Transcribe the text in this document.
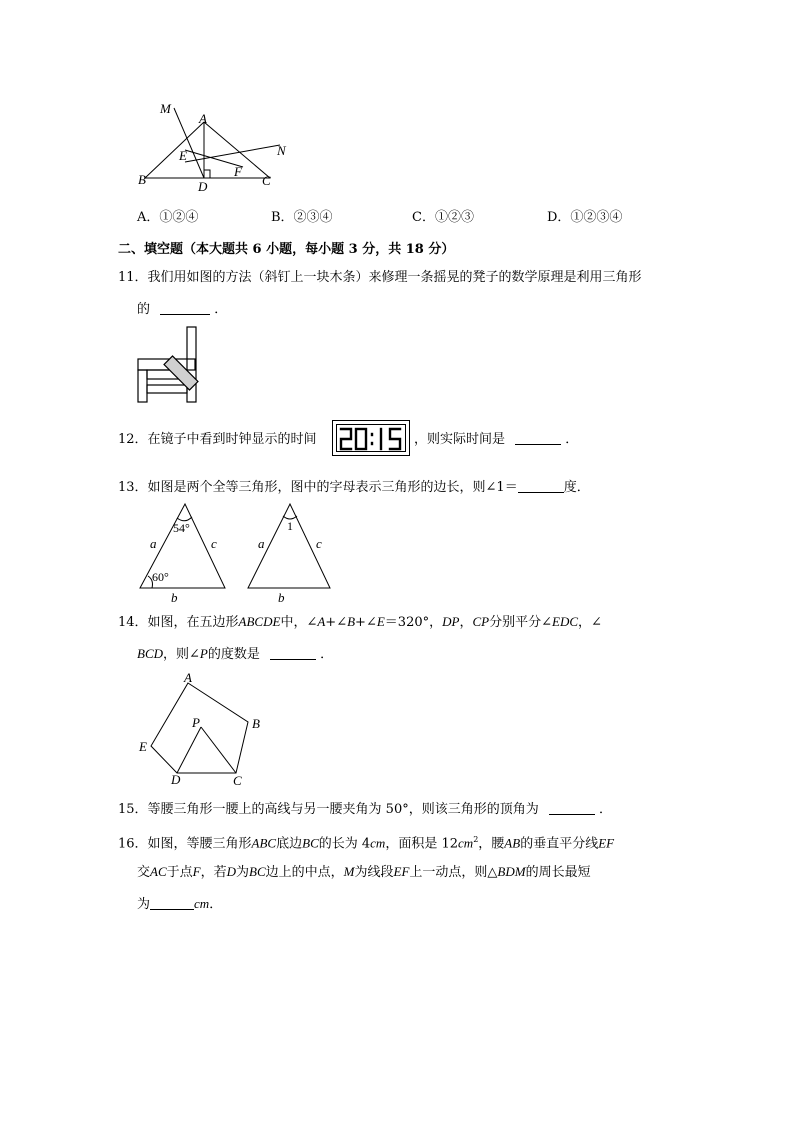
M
A
N
E
F
B	D	C
A．①②④	B．②③④	C．①②③	D．①②③④
二、填空题（本大题共 6 小题，每小题 3 分，共 18 分）
11．我们用如图的方法（斜钉上一块木条）来修理一条摇晃的凳子的数学原理是利用三角形
的	．
12．在镜子中看到时钟显示的时间	，则实际时间是	．
13．如图是两个全等三角形，图中的字母表示三角形的边长，则∠1＝	度．
54°
60°
a	c
b
1
a	c
b
14．如图，在五边形ABCDE中，∠A+∠B+∠E＝320°，DP，CP分别平分∠EDC，∠
BCD，则∠P的度数是	．
A
B
P
E
D	C
15．等腰三角形一腰上的高线与另一腰夹角为 50°，则该三角形的顶角为	．
16．如图，等腰三角形ABC底边BC的长为 4cm，面积是 $12cm^2$，腰AB的垂直平分线EF
交AC于点F，若D为BC边上的中点，M为线段EF上一动点，则△BDM的周长最短
为	cm．
